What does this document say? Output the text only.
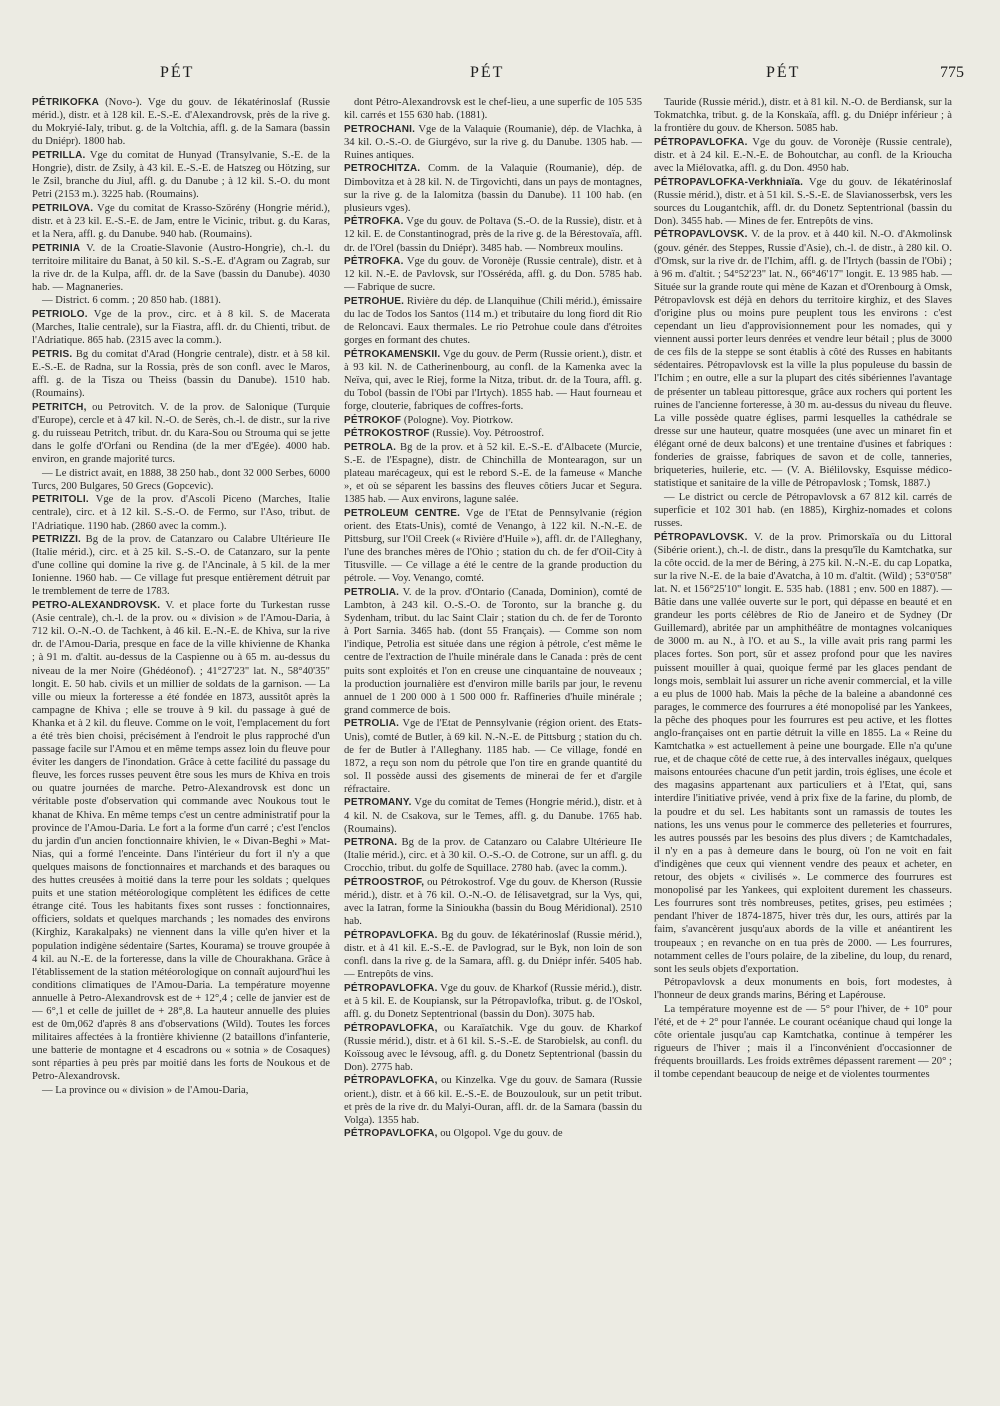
PÉT	PÉT	PÉT	775

PÉTRIKOFKA (Novo-). Vge du gouv. de Iékatérinoslaf (Russie mérid.), distr. et à 128 kil. E.-S.-E. d'Alexandrovsk, près de la rive g. du Mokryié-Ialy, tribut. g. de la Voltchia, affl. g. de la Samara (bassin du Dniépr). 1800 hab.

PETRILLA. Vge du comitat de Hunyad (Transylvanie, S.-E. de la Hongrie), distr. de Zsily, à 43 kil. E.-S.-E. de Hatszeg ou Hötzing, sur le Zsil, branche du Jiul, affl. g. du Danube ; à 12 kil. S.-O. du mont Petri (2153 m.). 3225 hab. (Roumains).

PETRILOVA. Vge du comitat de Krasso-Szörény (Hongrie mérid.), distr. et à 23 kil. E.-S.-E. de Jam, entre le Vicinic, tribut. g. du Karas, et la Nera, affl. g. du Danube. 940 hab. (Roumains).

PETRINIA V. de la Croatie-Slavonie (Austro-Hongrie), ch.-l. du territoire militaire du Banat, à 50 kil. S.-S.-E. d'Agram ou Zagrab, sur la rive dr. de la Kulpa, affl. dr. de la Save (bassin du Danube). 4030 hab. — Magnaneries.

— District. 6 comm. ; 20 850 hab. (1881).

PETRIOLO. Vge de la prov., circ. et à 8 kil. S. de Macerata (Marches, Italie centrale), sur la Fiastra, affl. dr. du Chienti, tribut. de l'Adriatique. 865 hab. (2315 avec la comm.).

PETRIS. Bg du comitat d'Arad (Hongrie centrale), distr. et à 58 kil. E.-S.-E. de Radna, sur la Rossia, près de son confl. avec le Maros, affl. g. de la Tisza ou Theiss (bassin du Danube). 1510 hab. (Roumains).

PETRITCH, ou Petrovitch. V. de la prov. de Salonique (Turquie d'Europe), cercle et à 47 kil. N.-O. de Serès, ch.-l. de distr., sur la rive g. du ruisseau Petritch, tribut. dr. du Kara-Sou ou Strouma qui se jette dans le golfe d'Orfani ou Rendina (de la mer d'Egée). 4000 hab. environ, en grande majorité turcs.

— Le district avait, en 1888, 38 250 hab., dont 32 000 Serbes, 6000 Turcs, 200 Bulgares, 50 Grecs (Gopcevic).

PETRITOLI. Vge de la prov. d'Ascoli Piceno (Marches, Italie centrale), circ. et à 12 kil. S.-S.-O. de Fermo, sur l'Aso, tribut. de l'Adriatique. 1190 hab. (2860 avec la comm.).

PETRIZZI. Bg de la prov. de Catanzaro ou Calabre Ultérieure IIe (Italie mérid.), circ. et à 25 kil. S.-S.-O. de Catanzaro, sur la pente d'une colline qui domine la rive g. de l'Ancinale, à 5 kil. de la mer Ionienne. 1960 hab. — Ce village fut presque entièrement détruit par le tremblement de terre de 1783.

PETRO-ALEXANDROVSK. V. et place forte du Turkestan russe (Asie centrale), ch.-l. de la prov. ou « division » de l'Amou-Daria, à 712 kil. O.-N.-O. de Tachkent, à 46 kil. E.-N.-E. de Khiva, sur la rive dr. de l'Amou-Daria, presque en face de la ville khivienne de Khanka ; à 91 m. d'altit. au-dessus de la Caspienne ou à 65 m. au-dessus du niveau de la mer Noire (Ghédéonof). ; 41°27'23" lat. N., 58°40'35" longit. E. 50 hab. civils et un millier de soldats de la garnison. — La ville ou mieux la forteresse a été fondée en 1873, aussitôt après la campagne de Khiva ; elle se trouve à 9 kil. du passage à gué de Khanka et à 2 kil. du fleuve. Comme on le voit, l'emplacement du fort a été très bien choisi, précisément à l'endroit le plus rapproché d'un passage facile sur l'Amou et en même temps assez loin du fleuve pour éviter les dangers de l'inondation. Grâce à cette facilité du passage du fleuve, les forces russes peuvent être sous les murs de Khiva en trois ou quatre journées de marche. Petro-Alexandrovsk est donc un véritable poste d'observation qui commande avec Noukous tout le khanat de Khiva. En même temps c'est un centre administratif pour la province de l'Amou-Daria. Le fort a la forme d'un carré ; c'est l'enclos du jardin d'un ancien fonctionnaire khivien, le « Divan-Beghi » Mat-Nias, qui a formé l'enceinte. Dans l'intérieur du fort il n'y a que quelques maisons de fonctionnaires et marchands et des baraques ou des huttes creusées à moitié dans la terre pour les soldats ; quelques puits et une station météorologique complètent les édifices de cette étrange cité. Tous les habitants fixes sont russes : fonctionnaires, officiers, soldats et quelques marchands ; les nomades des environs (Kirghiz, Karakalpaks) ne viennent dans la ville qu'en hiver et la population indigène sédentaire (Sartes, Kourama) se trouve groupée à 4 kil. au N.-E. de la forteresse, dans la ville de Chourakhana. Grâce à l'établissement de la station météorologique on connaît aujourd'hui les conditions climatiques de l'Amou-Daria. La température moyenne annuelle à Petro-Alexandrovsk est de + 12°,4 ; celle de janvier est de — 6°,1 et celle de juillet de + 28°,8. La hauteur annuelle des pluies est de 0m,062 d'après 8 ans d'observations (Wild). Toutes les forces militaires affectées à la frontière khivienne (2 bataillons d'infanterie, une batterie de montagne et 4 escadrons ou « sotnia » de Cosaques) sont réparties à peu près par moitié dans les forts de Noukous et de Petro-Alexandrovsk.

— La province ou « division » de l'Amou-Daria,

dont Pétro-Alexandrovsk est le chef-lieu, a une superfic de 105 535 kil. carrés et 155 630 hab. (1881).

PETROCHANI. Vge de la Valaquie (Roumanie), dép. de Vlachka, à 34 kil. O.-S.-O. de Giurgévo, sur la rive g. du Danube. 1305 hab. — Ruines antiques.

PETROCHITZA. Comm. de la Valaquie (Roumanie), dép. de Dimbovitza et à 28 kil. N. de Tirgovichti, dans un pays de montagnes, sur la rive g. de la Ialomitza (bassin du Danube). 11 100 hab. (en plusieurs vges).

PÉTROFKA. Vge du gouv. de Poltava (S.-O. de la Russie), distr. et à 12 kil. E. de Constantinograd, près de la rive g. de la Bérestovaïa, affl. dr. de l'Orel (bassin du Dniépr). 3485 hab. — Nombreux moulins.

PÉTROFKA. Vge du gouv. de Voronèje (Russie centrale), distr. et à 12 kil. N.-E. de Pavlovsk, sur l'Osséréda, affl. g. du Don. 5785 hab. — Fabrique de sucre.

PETROHUE. Rivière du dép. de Llanquihue (Chili mérid.), émissaire du lac de Todos los Santos (114 m.) et tributaire du long fiord dit Rio de Reloncavi. Eaux thermales. Le rio Petrohue coule dans d'étroites gorges en formant des chutes.

PÉTROKAMENSKII. Vge du gouv. de Perm (Russie orient.), distr. et à 93 kil. N. de Catherinenbourg, au confl. de la Kamenka avec la Neïva, qui, avec le Riej, forme la Nitza, tribut. dr. de la Toura, affl. g. du Tobol (bassin de l'Obi par l'Irtych). 1855 hab. — Haut fourneau et forge, clouterie, fabriques de coffres-forts.

PÉTROKOF (Pologne). Voy. Piotrkow.

PÉTROKOSTROF (Russie). Voy. Pétroostrof.

PETROLA. Bg de la prov. et à 52 kil. E.-S.-E. d'Albacete (Murcie, S.-E. de l'Espagne), distr. de Chinchilla de Montearagon, sur un plateau marécageux, qui est le rebord S.-E. de la fameuse « Manche », et où se séparent les bassins des fleuves côtiers Jucar et Segura. 1385 hab. — Aux environs, lagune salée.

PETROLEUM CENTRE. Vge de l'Etat de Pennsylvanie (région orient. des Etats-Unis), comté de Venango, à 122 kil. N.-N.-E. de Pittsburg, sur l'Oil Creek (« Rivière d'Huile »), affl. dr. de l'Alleghany, l'une des branches mères de l'Ohio ; station du ch. de fer d'Oil-City à Titusville. — Ce village a été le centre de la grande production du pétrole. — Voy. Venango, comté.

PETROLIA. V. de la prov. d'Ontario (Canada, Dominion), comté de Lambton, à 243 kil. O.-S.-O. de Toronto, sur la branche g. du Sydenham, tribut. du lac Saint Clair ; station du ch. de fer de Toronto à Port Sarnia. 3465 hab. (dont 55 Français). — Comme son nom l'indique, Petrolia est située dans une région à pétrole, c'est même le centre de l'extraction de l'huile minérale dans le Canada : près de cent puits sont exploités et l'on en creuse une cinquantaine de nouveaux ; la production journalière est d'environ mille barils par jour, le revenu annuel de 1 200 000 à 1 500 000 fr. Raffineries d'huile minérale ; grand commerce de bois.

PETROLIA. Vge de l'Etat de Pennsylvanie (région orient. des Etats-Unis), comté de Butler, à 69 kil. N.-N.-E. de Pittsburg ; station du ch. de fer de Butler à l'Alleghany. 1185 hab. — Ce village, fondé en 1872, a reçu son nom du pétrole que l'on tire en grande quantité du sol. Il possède aussi des gisements de minerai de fer et d'argile réfractaire.

PETROMANY. Vge du comitat de Temes (Hongrie mérid.), distr. et à 4 kil. N. de Csakova, sur le Temes, affl. g. du Danube. 1765 hab. (Roumains).

PETRONA. Bg de la prov. de Catanzaro ou Calabre Ultérieure IIe (Italie mérid.), circ. et à 30 kil. O.-S.-O. de Cotrone, sur un affl. g. du Crocchio, tribut. du golfe de Squillace. 2780 hab. (avec la comm.).

PÉTROOSTROF, ou Pétrokostrof. Vge du gouv. de Kherson (Russie mérid.), distr. et à 76 kil. O.-N.-O. de Iélisavetgrad, sur la Vys, qui, avec la Iatran, forme la Sinioukha (bassin du Boug Méridional). 2510 hab.

PÉTROPAVLOFKA. Bg du gouv. de Iékatérinoslaf (Russie mérid.), distr. et à 41 kil. E.-S.-E. de Pavlograd, sur le Byk, non loin de son confl. dans la rive g. de la Samara, affl. g. du Dniépr infér. 5405 hab. — Entrepôts de vins.

PÉTROPAVLOFKA. Vge du gouv. de Kharkof (Russie mérid.), distr. et à 5 kil. E. de Koupiansk, sur la Pétropavlofka, tribut. g. de l'Oskol, affl. g. du Donetz Septentrional (bassin du Don). 3075 hab.

PÉTROPAVLOFKA, ou Karaïatchik. Vge du gouv. de Kharkof (Russie mérid.), distr. et à 61 kil. S.-S.-E. de Starobielsk, au confl. du Koïssoug avec le Iévsoug, affl. g. du Donetz Septentrional (bassin du Don). 2775 hab.

PÉTROPAVLOFKA, ou Kinzelka. Vge du gouv. de Samara (Russie orient.), distr. et à 66 kil. E.-S.-E. de Bouzoulouk, sur un petit tribut. et près de la rive dr. du Malyi-Ouran, affl. dr. de la Samara (bassin du Volga). 1355 hab.

PÉTROPAVLOFKA, ou Olgopol. Vge du gouv. de

Tauride (Russie mérid.), distr. et à 81 kil. N.-O. de Berdiansk, sur la Tokmatchka, tribut. g. de la Konskaïa, affl. g. du Dniépr inférieur ; à la frontière du gouv. de Kherson. 5085 hab.

PÉTROPAVLOFKA. Vge du gouv. de Voronèje (Russie centrale), distr. et à 24 kil. E.-N.-E. de Bohoutchar, au confl. de la Krioucha avec la Miélovatka, affl. g. du Don. 4950 hab.

PÉTROPAVLOFKA-Verkhniaïa. Vge du gouv. de Iékatérinoslaf (Russie mérid.), distr. et à 51 kil. S.-S.-E. de Slavianosserbsk, vers les sources du Lougantchik, affl. dr. du Donetz Septentrional (bassin du Don). 3455 hab. — Mines de fer. Entrepôts de vins.

PÉTROPAVLOVSK. V. de la prov. et à 440 kil. N.-O. d'Akmolinsk (gouv. génér. des Steppes, Russie d'Asie), ch.-l. de distr., à 280 kil. O. d'Omsk, sur la rive dr. de l'Ichim, affl. g. de l'Irtych (bassin de l'Obi) ; à 96 m. d'altit. ; 54°52'23" lat. N., 66°46'17" longit. E. 13 985 hab. — Située sur la grande route qui mène de Kazan et d'Orenbourg à Omsk, Pétropavlovsk est déjà en dehors du territoire kirghiz, et des Slaves d'origine plus ou moins pure peuplent tous les environs : c'est cependant un lieu d'approvisionnement pour les nomades, qui y viennent aussi porter leurs denrées et vendre leur bétail ; plus de 3000 de ces fils de la steppe se sont établis à côté des Russes en habitants sédentaires. Pétropavlovsk est la ville la plus populeuse du bassin de l'Ichim ; en outre, elle a sur la plupart des cités sibériennes l'avantage de présenter un tableau pittoresque, grâce aux rochers qui portent les ruines de l'ancienne forteresse, à 30 m. au-dessus du niveau du fleuve. La ville possède quatre églises, parmi lesquelles la cathédrale se dresse sur une hauteur, quatre mosquées (une avec un minaret fin et élégant orné de deux balcons) et une trentaine d'usines et fabriques : fonderies de graisse, fabriques de savon et de colle, tanneries, briqueteries, huilerie, etc. — (V. A. Biélilovsky, Esquisse médico-statistique et sanitaire de la ville de Pétropavlosk ; Tomsk, 1887.)

— Le district ou cercle de Pétropavlovsk a 67 812 kil. carrés de superficie et 102 301 hab. (en 1885), Kirghiz-nomades et colons russes.

PÉTROPAVLOVSK. V. de la prov. Primorskaïa ou du Littoral (Sibérie orient.), ch.-l. de distr., dans la presqu'île du Kamtchatka, sur la côte occid. de la mer de Béring, à 275 kil. N.-N.-E. du cap Lopatka, sur la rive N.-E. de la baie d'Avatcha, à 10 m. d'altit. (Wild) ; 53°0'58" lat. N. et 156°25'10" longit. E. 535 hab. (1881 ; env. 500 en 1887). — Bâtie dans une vallée ouverte sur le port, qui dépasse en beauté et en grandeur les ports célèbres de Rio de Janeiro et de Sydney (Dr Guillemard), abritée par un amphithéâtre de montagnes volcaniques de 3000 m. au N., à l'O. et au S., la ville avait pris rang parmi les places fortes. Son port, sûr et assez profond pour que les navires puissent mouiller à quai, quoique fermé par les glaces pendant de longs mois, semblait lui assurer un riche avenir commercial, et la ville a eu plus de 1000 hab. Mais la pêche de la baleine a abandonné ces parages, le commerce des fourrures a été monopolisé par les Yankees, la pêche des phoques pour les fourrures est peu active, et les flottes anglo-françaises ont en partie détruit la ville en 1855. La « Reine du Kamtchatka » est actuellement à peine une bourgade. Elle n'a qu'une rue, et de chaque côté de cette rue, à des intervalles inégaux, quelques maisons entourées chacune d'un petit jardin, trois églises, une école et des magasins appartenant aux particuliers et à l'Etat, qui, sans interdire l'initiative privée, vend à prix fixe de la farine, du plomb, de la poudre et du sel. Les habitants sont un ramassis de toutes les nations, les uns venus pour le commerce des pelleteries et fourrures, les autres poussés par les besoins des plus divers ; de Kamtchadales, il n'y en a pas à demeure dans le bourg, où l'on ne voit en fait d'indigènes que ceux qui viennent vendre des peaux et acheter, en retour, des objets « civilisés ». Le commerce des fourrures est monopolisé par les Yankees, qui exploitent durement les chasseurs. Les fourrures sont très nombreuses, petites, grises, peu estimées ; pendant l'hiver de 1874-1875, hiver très dur, les ours, attirés par la faim, s'avancèrent jusqu'aux abords de la ville et anéantirent les troupeaux ; en revanche on en tua près de 2000. — Les fourrures, notamment celles de l'ours polaire, de la zibeline, du loup, du renard, sont les seuls objets d'exportation.

Pétropavlovsk a deux monuments en bois, fort modestes, à l'honneur de deux grands marins, Béring et Lapérouse.

La température moyenne est de — 5° pour l'hiver, de + 10° pour l'été, et de + 2° pour l'année. Le courant océanique chaud qui longe la côte orientale jusqu'au cap Kamtchatka, continue à tempérer les rigueurs de l'hiver ; mais il a l'inconvénient d'occasionner de fréquents brouillards. Les froids extrêmes dépassent rarement — 20° ; il tombe cependant beaucoup de neige et de violentes tourmentes
